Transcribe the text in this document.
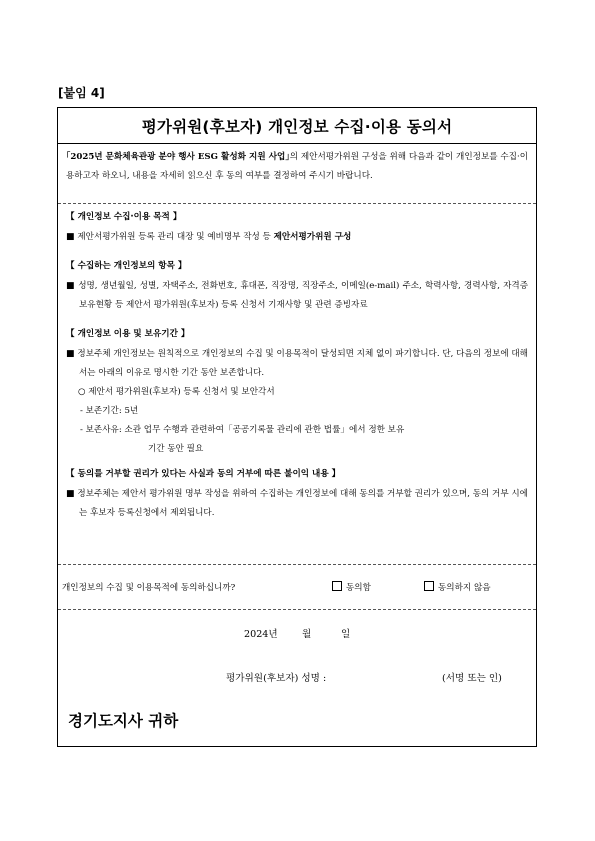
[붙임 4]
평가위원(후보자) 개인정보 수집·이용 동의서
｢2025년 문화체육관광 분야 행사 ESG 활성화 지원 사업｣의 제안서평가위원 구성을 위해 다음과 같이 개인정보를 수집·이용하고자 하오니, 내용을 자세히 읽으신 후 동의 여부를 결정하여 주시기 바랍니다.
【 개인정보 수집·이용 목적 】
■ 제안서평가위원 등록 관리 대장 및 예비명부 작성 등 제안서평가위원 구성
【 수집하는 개인정보의 항목 】
■ 성명, 생년월일, 성별, 자택주소, 전화번호, 휴대폰, 직장명, 직장주소, 이메일(e-mail) 주소, 학력사항, 경력사항, 자격증 보유현황 등 제안서 평가위원(후보자) 등록 신청서 기재사항 및 관련 증빙자료
【 개인정보 이용 및 보유기간 】
■ 정보주체 개인정보는 원칙적으로 개인정보의 수집 및 이용목적이 달성되면 지체 없이 파기합니다. 단, 다음의 정보에 대해서는 아래의 이유로 명시한 기간 동안 보존합니다.
○ 제안서 평가위원(후보자) 등록 신청서 및 보안각서
- 보존기간: 5년
- 보존사유: 소관 업무 수행과 관련하여「공공기록물 관리에 관한 법률」에서 정한 보유
기간 동안 필요
【 동의를 거부할 권리가 있다는 사실과 동의 거부에 따른 불이익 내용 】
■ 정보주체는 제안서 평가위원 명부 작성을 위하여 수집하는 개인정보에 대해 동의를 거부할 권리가 있으며, 동의 거부 시에는 후보자 등록신청에서 제외됩니다.
개인정보의 수집 및 이용목적에 동의하십니까?	동의함	동의하지 않음
2024년	월	일
평가위원(후보자) 성명 :	(서명 또는 인)
경기도지사 귀하
